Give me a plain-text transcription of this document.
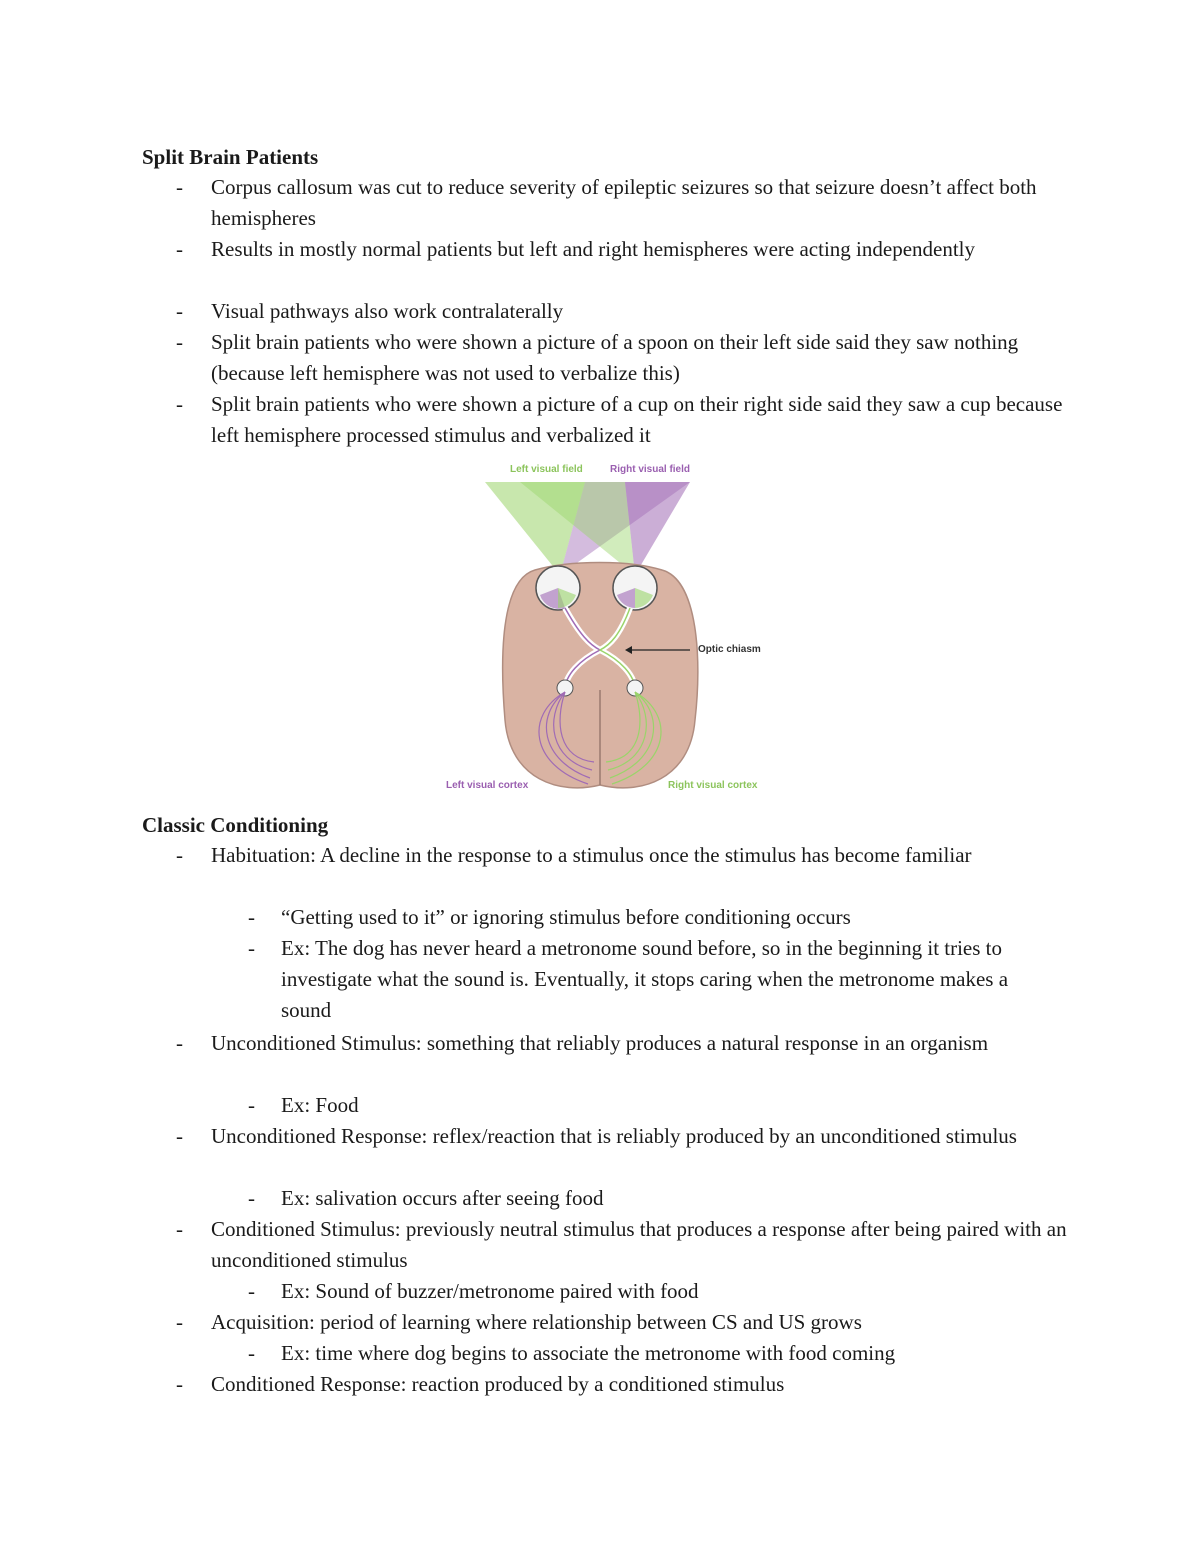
Split Brain Patients
- Corpus callosum was cut to reduce severity of epileptic seizures so that seizure doesn’t affect both hemispheres
- Results in mostly normal patients but left and right hemispheres were acting independently
- Visual pathways also work contralaterally
- Split brain patients who were shown a picture of a spoon on their left side said they saw nothing (because left hemisphere was not used to verbalize this)
- Split brain patients who were shown a picture of a cup on their right side said they saw a cup because left hemisphere processed stimulus and verbalized it
Left visual field	Right visual field
Optic chiasm
Left visual cortex	Right visual cortex
Classic Conditioning
- Habituation: A decline in the response to a stimulus once the stimulus has become familiar
- “Getting used to it” or ignoring stimulus before conditioning occurs
- Ex: The dog has never heard a metronome sound before, so in the beginning it tries to investigate what the sound is. Eventually, it stops caring when the metronome makes a sound
- Unconditioned Stimulus: something that reliably produces a natural response in an organism
- Ex: Food
- Unconditioned Response: reflex/reaction that is reliably produced by an unconditioned stimulus
- Ex: salivation occurs after seeing food
- Conditioned Stimulus: previously neutral stimulus that produces a response after being paired with an unconditioned stimulus
- Ex: Sound of buzzer/metronome paired with food
- Acquisition: period of learning where relationship between CS and US grows
- Ex: time where dog begins to associate the metronome with food coming
- Conditioned Response: reaction produced by a conditioned stimulus
